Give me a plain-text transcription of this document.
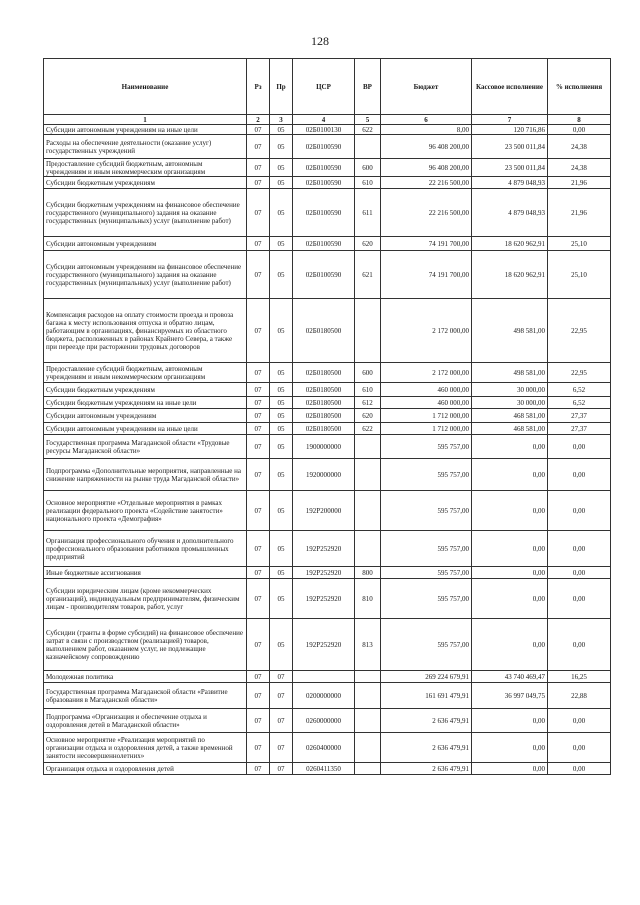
128
Наименование	Рз	Пр	ЦСР	ВР	Бюджет	Кассовое исполнение	% исполнения
1	2	3	4	5	6	7	8
Субсидии автономным учреждениям на иные цели	07	05	02Б0100130	622	8,00	120 716,86	0,00
Расходы на обеспечение деятельности (оказание услуг) государственных учреждений	07	05	02Б0100590		96 408 200,00	23 500 011,84	24,38
Предоставление субсидий бюджетным, автономным учреждениям и иным некоммерческим организациям	07	05	02Б0100590	600	96 408 200,00	23 500 011,84	24,38
Субсидии бюджетным учреждениям	07	05	02Б0100590	610	22 216 500,00	4 879 048,93	21,96
Субсидии бюджетным учреждениям на финансовое обеспечение государственного (муниципального) задания на оказание государственных (муниципальных) услуг (выполнение работ)	07	05	02Б0100590	611	22 216 500,00	4 879 048,93	21,96
Субсидии автономным учреждениям	07	05	02Б0100590	620	74 191 700,00	18 620 962,91	25,10
Субсидии автономным учреждениям на финансовое обеспечение государственного (муниципального) задания на оказание государственных (муниципальных) услуг (выполнение работ)	07	05	02Б0100590	621	74 191 700,00	18 620 962,91	25,10
Компенсация расходов на оплату стоимости проезда и провоза багажа к месту использования отпуска и обратно лицам, работающим в организациях, финансируемых из областного бюджета, расположенных в районах Крайнего Севера, а также при переезде при расторжении трудовых договоров	07	05	02Б0180500		2 172 000,00	498 581,00	22,95
Предоставление субсидий бюджетным, автономным учреждениям и иным некоммерческим организациям	07	05	02Б0180500	600	2 172 000,00	498 581,00	22,95
Субсидии бюджетным учреждениям	07	05	02Б0180500	610	460 000,00	30 000,00	6,52
Субсидии бюджетным учреждениям на иные цели	07	05	02Б0180500	612	460 000,00	30 000,00	6,52
Субсидии автономным учреждениям	07	05	02Б0180500	620	1 712 000,00	468 581,00	27,37
Субсидии автономным учреждениям на иные цели	07	05	02Б0180500	622	1 712 000,00	468 581,00	27,37
Государственная программа Магаданской области «Трудовые ресурсы Магаданской области»	07	05	1900000000		595 757,00	0,00	0,00
Подпрограмма «Дополнительные мероприятия, направленные на снижение напряженности на рынке труда Магаданской области»	07	05	1920000000		595 757,00	0,00	0,00
Основное мероприятие «Отдельные мероприятия в рамках реализации федерального проекта «Содействие занятости» национального проекта «Демография»	07	05	192P200000		595 757,00	0,00	0,00
Организация профессионального обучения и дополнительного профессионального образования работников промышленных предприятий	07	05	192P252920		595 757,00	0,00	0,00
Иные бюджетные ассигнования	07	05	192P252920	800	595 757,00	0,00	0,00
Субсидии юридическим лицам (кроме некоммерческих организаций), индивидуальным предпринимателям, физическим лицам - производителям товаров, работ, услуг	07	05	192P252920	810	595 757,00	0,00	0,00
Субсидии (гранты в форме субсидий) на финансовое обеспечение затрат в связи с производством (реализацией) товаров, выполнением работ, оказанием услуг, не подлежащие казначейскому сопровождению	07	05	192P252920	813	595 757,00	0,00	0,00
Молодежная политика	07	07			269 224 679,91	43 740 469,47	16,25
Государственная программа Магаданской области «Развитие образования в Магаданской области»	07	07	0200000000		161 691 479,91	36 997 049,75	22,88
Подпрограмма «Организация и обеспечение отдыха и оздоровления детей в Магаданской области»	07	07	0260000000		2 636 479,91	0,00	0,00
Основное мероприятие «Реализация мероприятий по организации отдыха и оздоровления детей, а также временной занятости несовершеннолетних»	07	07	0260400000		2 636 479,91	0,00	0,00
Организация отдыха и оздоровления детей	07	07	0260411350		2 636 479,91	0,00	0,00
